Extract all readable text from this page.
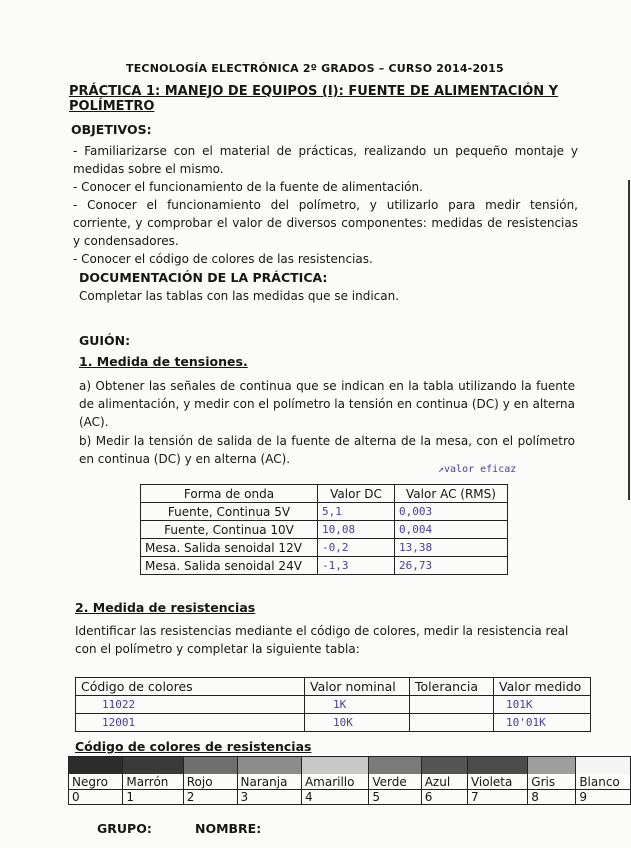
TECNOLOGÍA ELECTRÓNICA 2º GRADOS – CURSO 2014-2015
PRÁCTICA 1: MANEJO DE EQUIPOS (I): FUENTE DE ALIMENTACIÓN Y POLÍMETRO
OBJETIVOS:
- Familiarizarse con el material de prácticas, realizando un pequeño montaje y medidas sobre el mismo.
- Conocer el funcionamiento de la fuente de alimentación.
- Conocer el funcionamiento del polímetro, y utilizarlo para medir tensión, corriente, y comprobar el valor de diversos componentes: medidas de resistencias y condensadores.
- Conocer el código de colores de las resistencias.
DOCUMENTACIÓN DE LA PRÁCTICA:
Completar las tablas con las medidas que se indican.
GUIÓN:
1. Medida de tensiones.
a) Obtener las señales de continua que se indican en la tabla utilizando la fuente de alimentación, y medir con el polímetro la tensión en continua (DC) y en alterna (AC).
b) Medir la tensión de salida de la fuente de alterna de la mesa, con el polímetro en continua (DC) y en alterna (AC).
↗valor eficaz
Forma de onda	Valor DC	Valor AC (RMS)
Fuente, Continua 5V	5,1	0,003
Fuente, Continua 10V	10,08	0,004
Mesa. Salida senoidal 12V	-0,2	13,38
Mesa. Salida senoidal 24V	-1,3	26,73
2. Medida de resistencias
Identificar las resistencias mediante el código de colores, medir la resistencia real con el polímetro y completar la siguiente tabla:
Código de colores	Valor nominal	Tolerancia	Valor medido
11022	1K		101K
12001	10K		10'01K
Código de colores de resistencias

Negro	Marrón	Rojo	Naranja	Amarillo	Verde	Azul	Violeta	Gris	Blanco
0	1	2	3	4	5	6	7	8	9
GRUPO:	NOMBRE:
